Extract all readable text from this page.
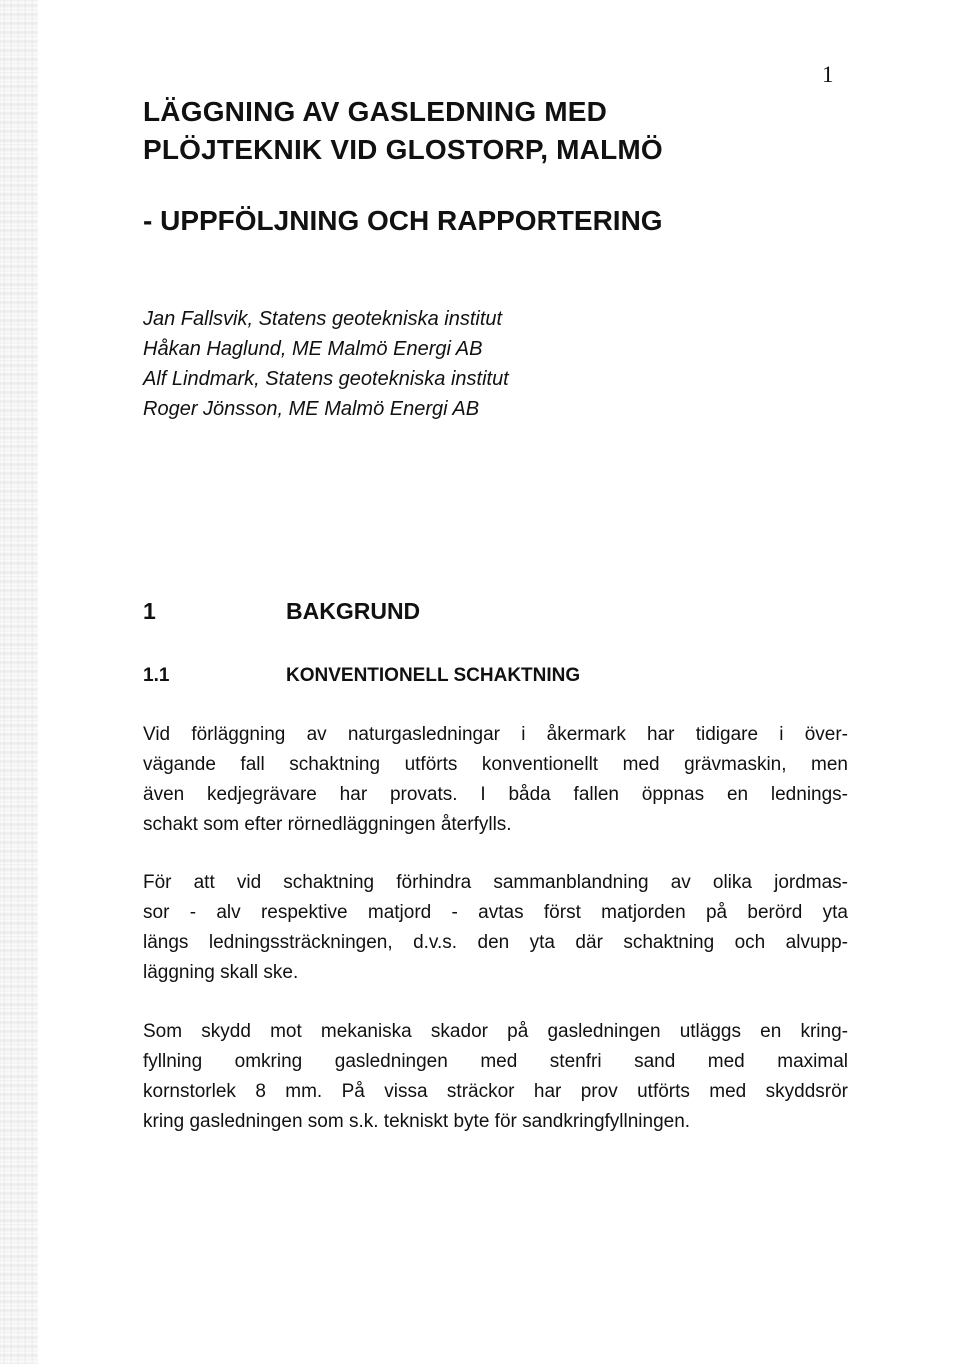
1
LÄGGNING AV GASLEDNING MED
PLÖJTEKNIK VID GLOSTORP, MALMÖ
- UPPFÖLJNING OCH RAPPORTERING
Jan Fallsvik, Statens geotekniska institut
Håkan Haglund, ME Malmö Energi AB
Alf Lindmark, Statens geotekniska institut
Roger Jönsson, ME Malmö Energi AB
1	BAKGRUND
1.1	KONVENTIONELL SCHAKTNING
Vid förläggning av naturgasledningar i åkermark har tidigare i över-
vägande fall schaktning utförts konventionellt med grävmaskin, men
även kedjegrävare har provats. I båda fallen öppnas en lednings-
schakt som efter rörnedläggningen återfylls.
För att vid schaktning förhindra sammanblandning av olika jordmas-
sor - alv respektive matjord - avtas först matjorden på berörd yta
längs ledningssträckningen, d.v.s. den yta där schaktning och alvupp-
läggning skall ske.
Som skydd mot mekaniska skador på gasledningen utläggs en kring-
fyllning omkring gasledningen med stenfri sand med maximal
kornstorlek 8 mm. På vissa sträckor har prov utförts med skyddsrör
kring gasledningen som s.k. tekniskt byte för sandkringfyllningen.
